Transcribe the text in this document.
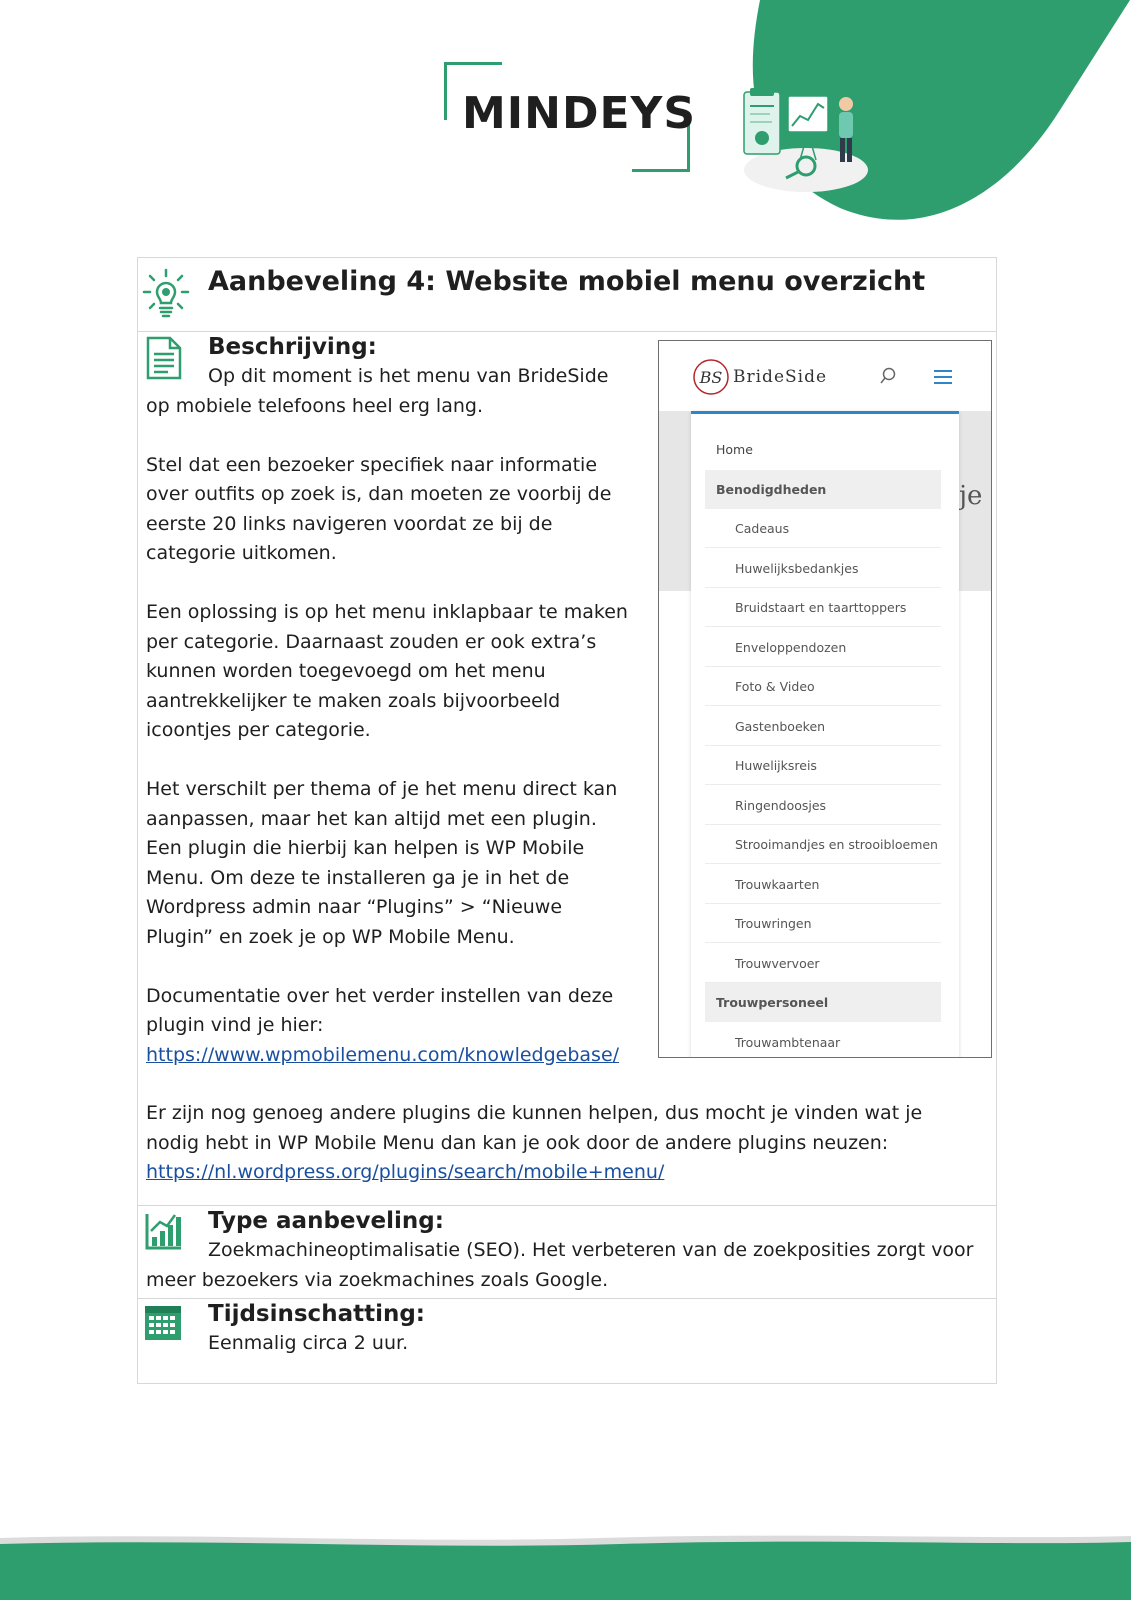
MINDEYS
Aanbeveling 4: Website mobiel menu overzicht
Beschrijving:

Op dit moment is het menu van BrideSide

op mobiele telefoons heel erg lang.

Stel dat een bezoeker specifiek naar informatie

over outfits op zoek is, dan moeten ze voorbij de

eerste 20 links navigeren voordat ze bij de

categorie uitkomen.

Een oplossing is op het menu inklapbaar te maken

per categorie. Daarnaast zouden er ook extra’s

kunnen worden toegevoegd om het menu

aantrekkelijker te maken zoals bijvoorbeeld

icoontjes per categorie.

Het verschilt per thema of je het menu direct kan

aanpassen, maar het kan altijd met een plugin.

Een plugin die hierbij kan helpen is WP Mobile

Menu. Om deze te installeren ga je in het de

Wordpress admin naar “Plugins” > “Nieuwe

Plugin” en zoek je op WP Mobile Menu.

Documentatie over het verder instellen van deze

plugin vind je hier:

https://www.wpmobilemenu.com/knowledgebase/

Er zijn nog genoeg andere plugins die kunnen helpen, dus mocht je vinden wat je

nodig hebt in WP Mobile Menu dan kan je ook door de andere plugins neuzen:

https://nl.wordpress.org/plugins/search/mobile+menu/

je
BS BrideSide
Home
Benodigdheden
Cadeaus
Huwelijksbedankjes
Bruidstaart en taarttoppers
Enveloppendozen
Foto & Video
Gastenboeken
Huwelijksreis
Ringendoosjes
Strooimandjes en strooibloemen
Trouwkaarten
Trouwringen
Trouwvervoer
Trouwpersoneel
Trouwambtenaar
Type aanbeveling:

Zoekmachineoptimalisatie (SEO). Het verbeteren van de zoekposities zorgt voor

meer bezoekers via zoekmachines zoals Google.

Tijdsinschatting:

Eenmalig circa 2 uur.
